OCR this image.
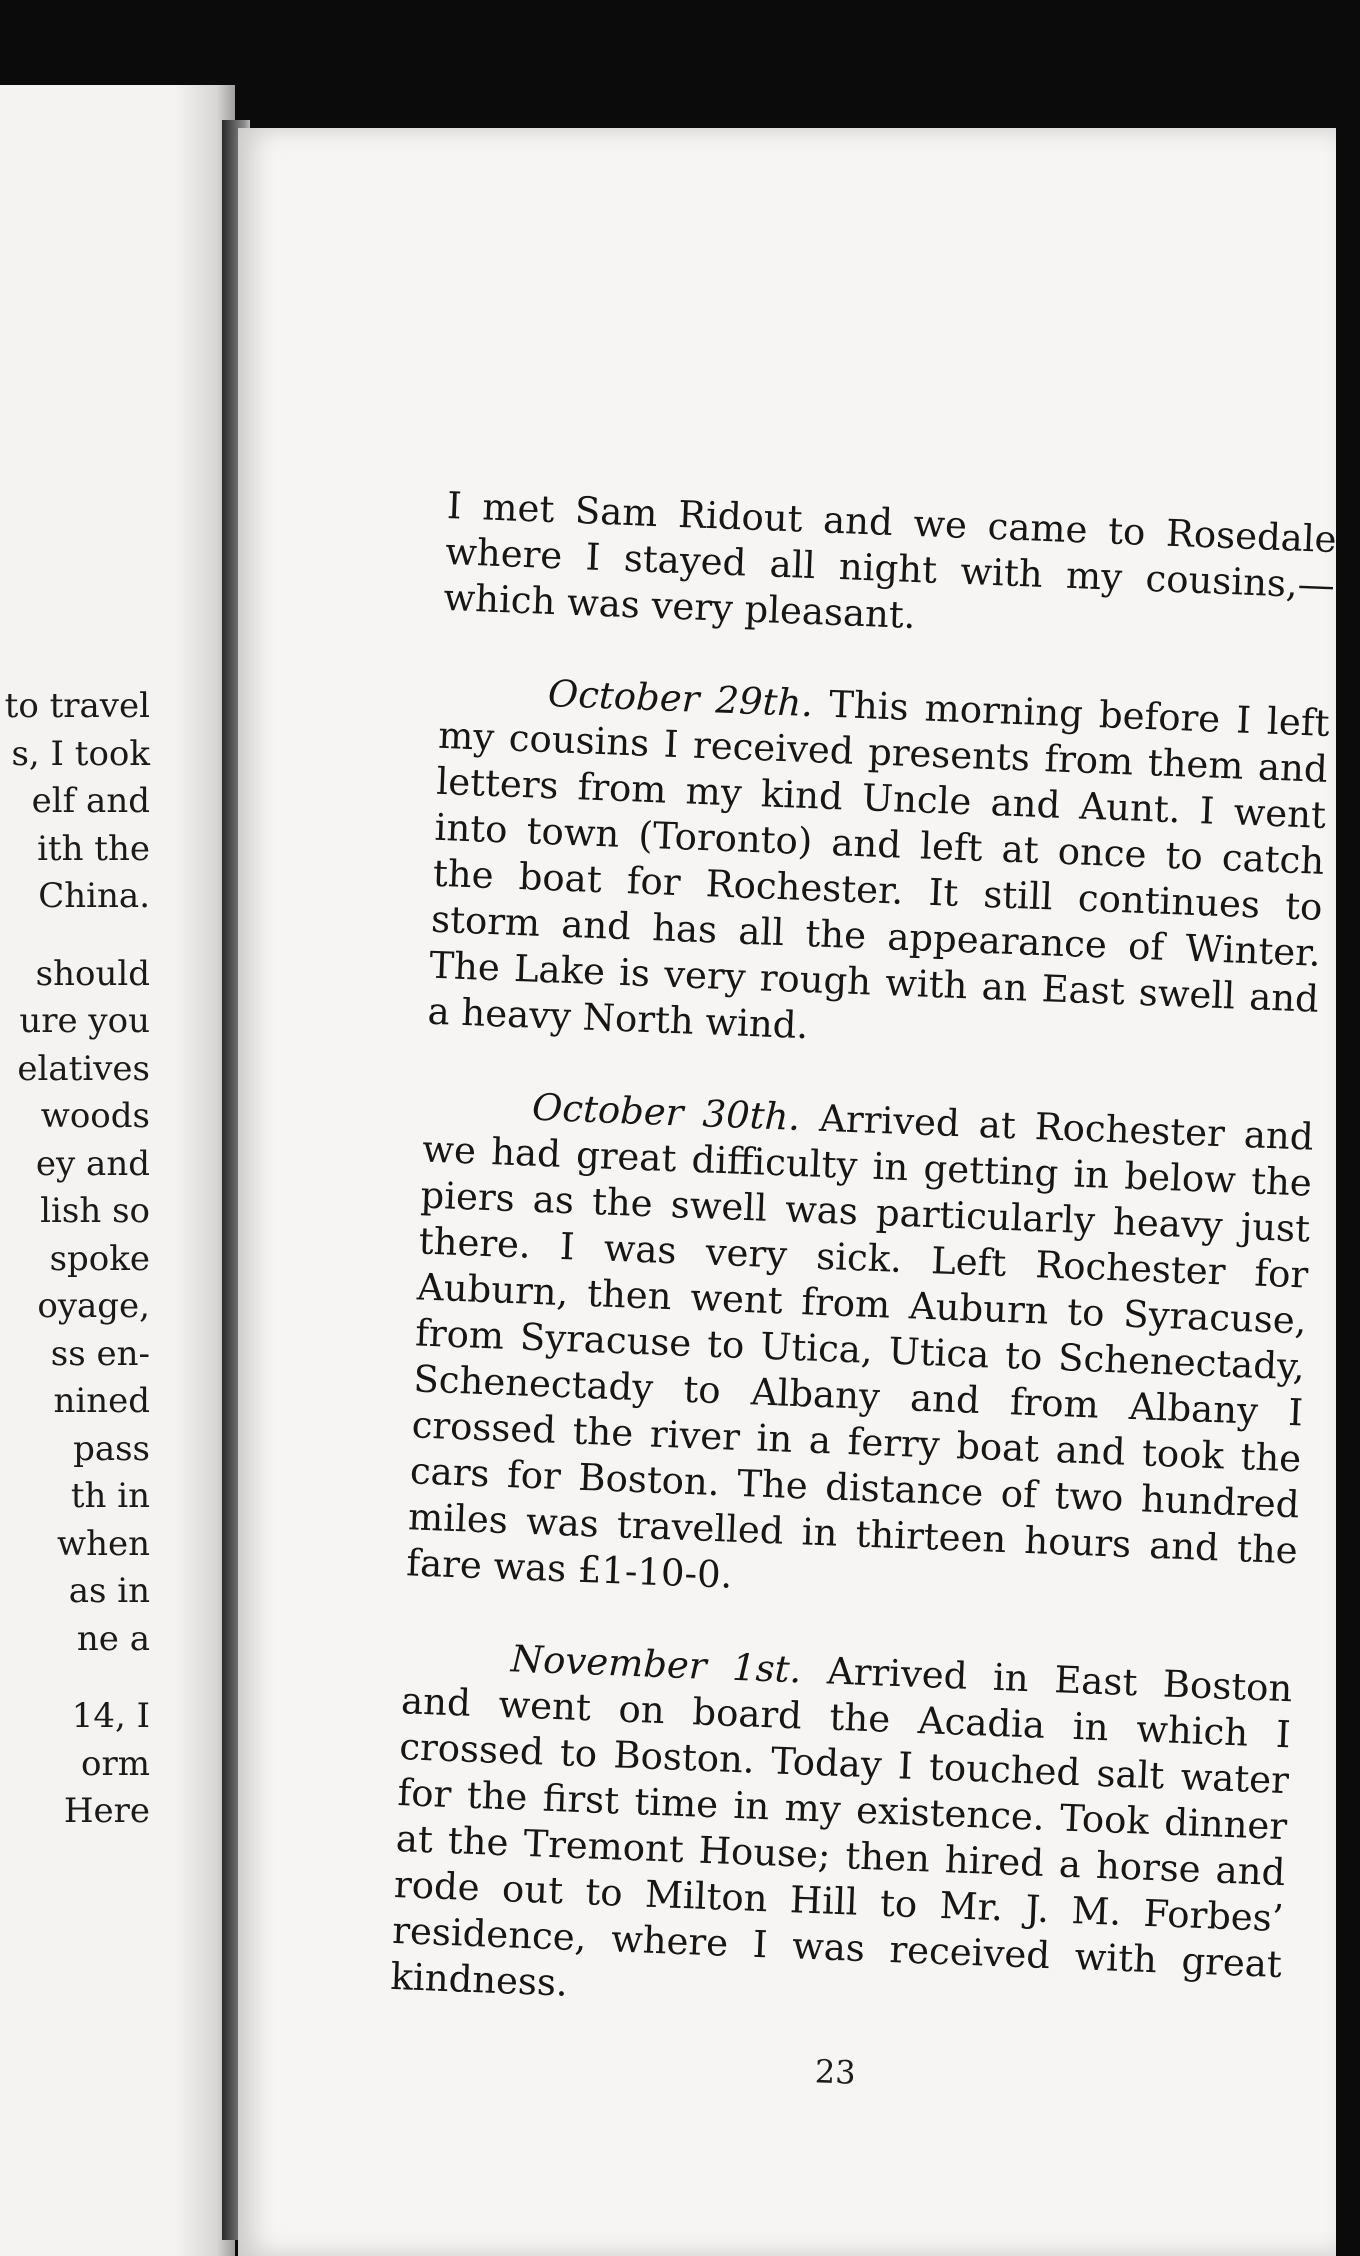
to travel
s, I took
elf and
ith the
China.
should
ure you
elatives
woods
ey and
lish so
spoke
oyage,
ss en-
nined
pass
th in
when
as in
ne a
14, I
orm
Here

I met Sam Ridout and we came to Rosedale where I stayed all night with my cousins,— which was very pleasant.

October 29th. This morning before I left my cousins I received presents from them and letters from my kind Uncle and Aunt. I went into town (Toronto) and left at once to catch the boat for Rochester. It still continues to storm and has all the appearance of Winter. The Lake is very rough with an East swell and a heavy North wind.

October 30th. Arrived at Rochester and we had great difficulty in getting in below the piers as the swell was particularly heavy just there. I was very sick. Left Rochester for Auburn, then went from Auburn to Syracuse, from Syracuse to Utica, Utica to Schenectady, Schenectady to Albany and from Albany I crossed the river in a ferry boat and took the cars for Boston. The distance of two hundred miles was travelled in thirteen hours and the fare was £1-10-0.

November 1st. Arrived in East Boston and went on board the Acadia in which I crossed to Boston. Today I touched salt water for the first time in my existence. Took dinner at the Tremont House; then hired a horse and rode out to Milton Hill to Mr. J. M. Forbes’ residence, where I was received with great kindness.

23
